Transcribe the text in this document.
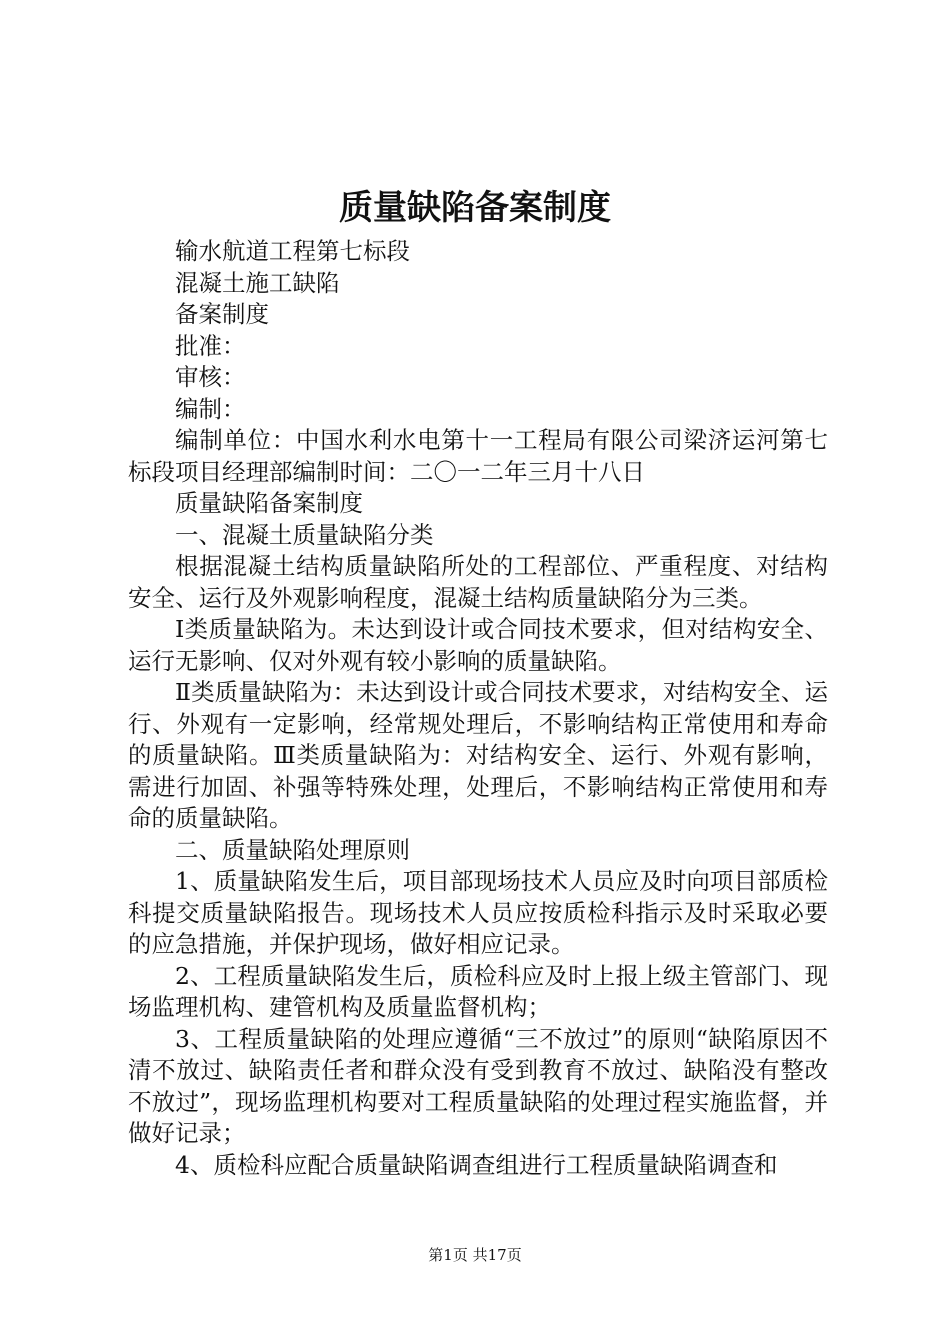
质量缺陷备案制度

输水航道工程第七标段

混凝土施工缺陷

备案制度

批准：

审核：

编制：

编制单位：中国水利水电第十一工程局有限公司梁济运河第七标段项目经理部编制时间：二〇一二年三月十八日

质量缺陷备案制度

一、混凝土质量缺陷分类

根据混凝土结构质量缺陷所处的工程部位、严重程度、对结构安全、运行及外观影响程度，混凝土结构质量缺陷分为三类。

Ⅰ类质量缺陷为。未达到设计或合同技术要求，但对结构安全、运行无影响、仅对外观有较小影响的质量缺陷。

Ⅱ类质量缺陷为：未达到设计或合同技术要求，对结构安全、运行、外观有一定影响，经常规处理后，不影响结构正常使用和寿命的质量缺陷。Ⅲ类质量缺陷为：对结构安全、运行、外观有影响，需进行加固、补强等特殊处理，处理后，不影响结构正常使用和寿命的质量缺陷。

二、质量缺陷处理原则

1、质量缺陷发生后，项目部现场技术人员应及时向项目部质检科提交质量缺陷报告。现场技术人员应按质检科指示及时采取必要的应急措施，并保护现场，做好相应记录。

2、工程质量缺陷发生后，质检科应及时上报上级主管部门、现场监理机构、建管机构及质量监督机构；

3、工程质量缺陷的处理应遵循“三不放过”的原则“缺陷原因不清不放过、缺陷责任者和群众没有受到教育不放过、缺陷没有整改不放过”，现场监理机构要对工程质量缺陷的处理过程实施监督，并做好记录；

4、质检科应配合质量缺陷调查组进行工程质量缺陷调查和

第1页 共17页
